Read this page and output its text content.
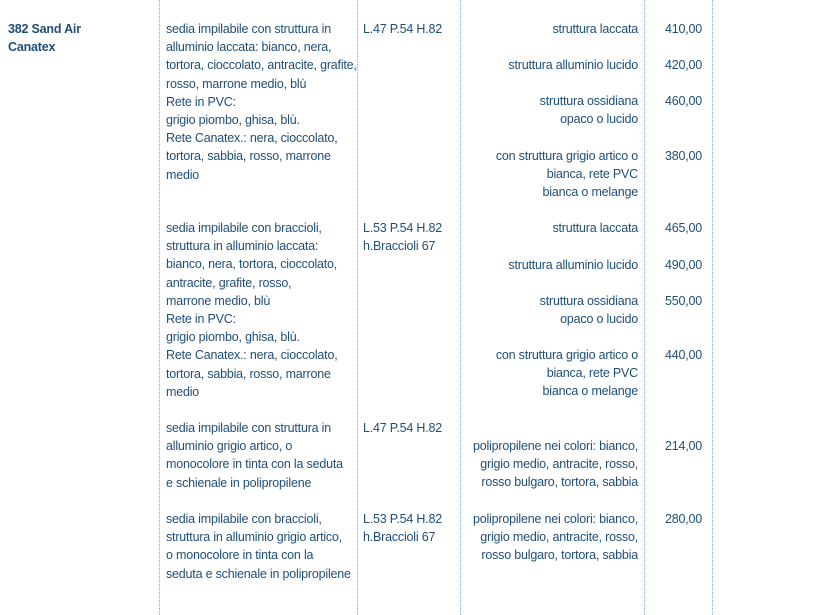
382 Sand Air
Canatex
sedia impilabile con struttura in
alluminio laccata: bianco, nera,
tortora, cioccolato, antracite, grafite,
rosso, marrone medio, blù
Rete in PVC:
grigio piombo, ghisa, blù.
Rete Canatex.: nera, cioccolato,
tortora, sabbia, rosso, marrone
medio
L.47 P.54 H.82	struttura laccata 410,00
struttura alluminio lucido 420,00
struttura ossidiana
opaco o lucido
460,00
con struttura grigio artico o
bianca, rete PVC
bianca o melange
380,00
sedia impilabile con braccioli,
struttura in alluminio laccata:
bianco, nera, tortora, cioccolato,
antracite, grafite, rosso,
marrone medio, blù
Rete in PVC:
grigio piombo, ghisa, blù.
Rete Canatex.: nera, cioccolato,
tortora, sabbia, rosso, marrone
medio
L.53 P.54 H.82
h.Braccioli 67
struttura laccata 465,00
struttura alluminio lucido 490,00
struttura ossidiana
opaco o lucido
550,00
con struttura grigio artico o
bianca, rete PVC
bianca o melange
440,00
sedia impilabile con struttura in
alluminio grigio artico, o
monocolore in tinta con la seduta
e schienale in polipropilene
L.47 P.54 H.82
polipropilene nei colori: bianco,
grigio medio, antracite, rosso,
rosso bulgaro, tortora, sabbia
214,00
sedia impilabile con braccioli,
struttura in alluminio grigio artico,
o monocolore in tinta con la
seduta e schienale in polipropilene
L.53 P.54 H.82
h.Braccioli 67
polipropilene nei colori: bianco,
grigio medio, antracite, rosso,
rosso bulgaro, tortora, sabbia
280,00
